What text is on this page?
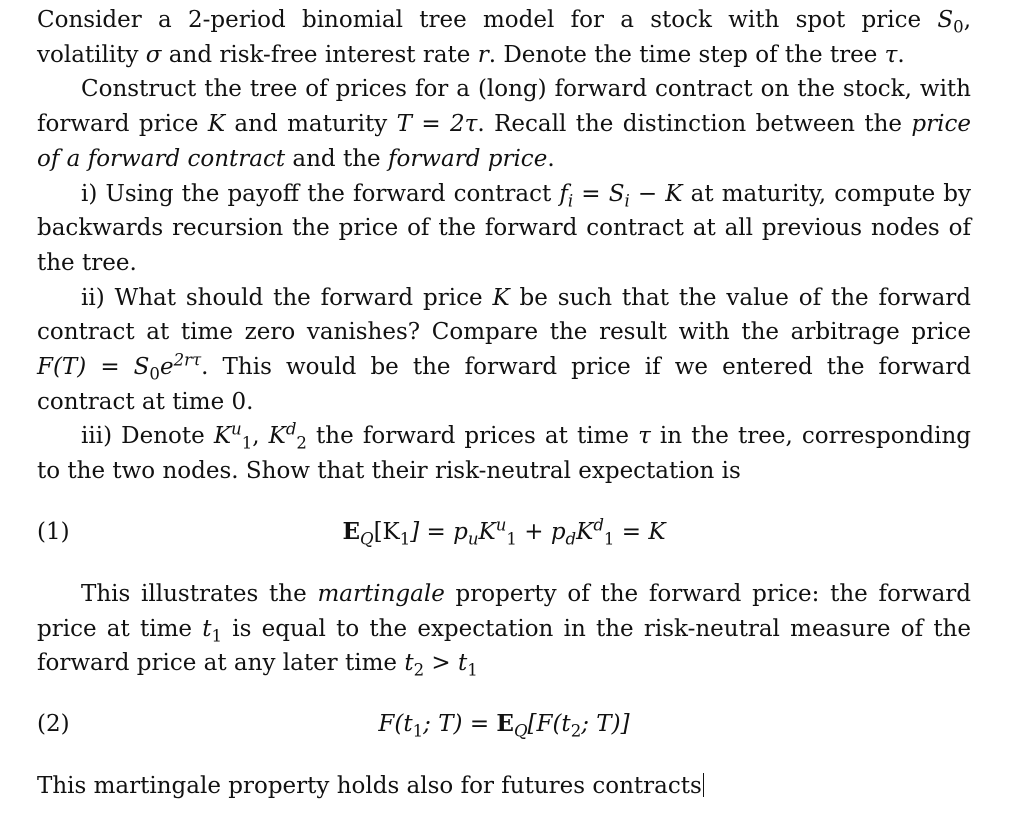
Consider a 2-period binomial tree model for a stock with spot price $S_0$, volatility σ and risk-free interest rate r. Denote the time step of the tree τ.

Construct the tree of prices for a (long) forward contract on the stock, with forward price K and maturity T = 2τ. Recall the distinction between the price of a forward contract and the forward price.

i) Using the payoff the forward contract $f_i = S_i - K$ at maturity, compute by backwards recursion the price of the forward contract at all previous nodes of the tree.

ii) What should the forward price K be such that the value of the forward contract at time zero vanishes? Compare the result with the arbitrage price $F(T) = S_0e^{2r\tau}$. This would be the forward price if we entered the forward contract at time 0.

iii) Denote $K^u_1$, $K^d_2$ the forward prices at time τ in the tree, corresponding to the two nodes. Show that their risk-neutral expectation is

(1)	$E_Q[K_1] = p_uK^u_1 + p_dK^d_1 = K$

This illustrates the martingale property of the forward price: the forward price at time $t_1$ is equal to the expectation in the risk-neutral measure of the forward price at any later time $t_2 > t_1$

(2)	$F(t_1$; $T) = E_Q[F(t_2$; T)]

This martingale property holds also for futures contracts
